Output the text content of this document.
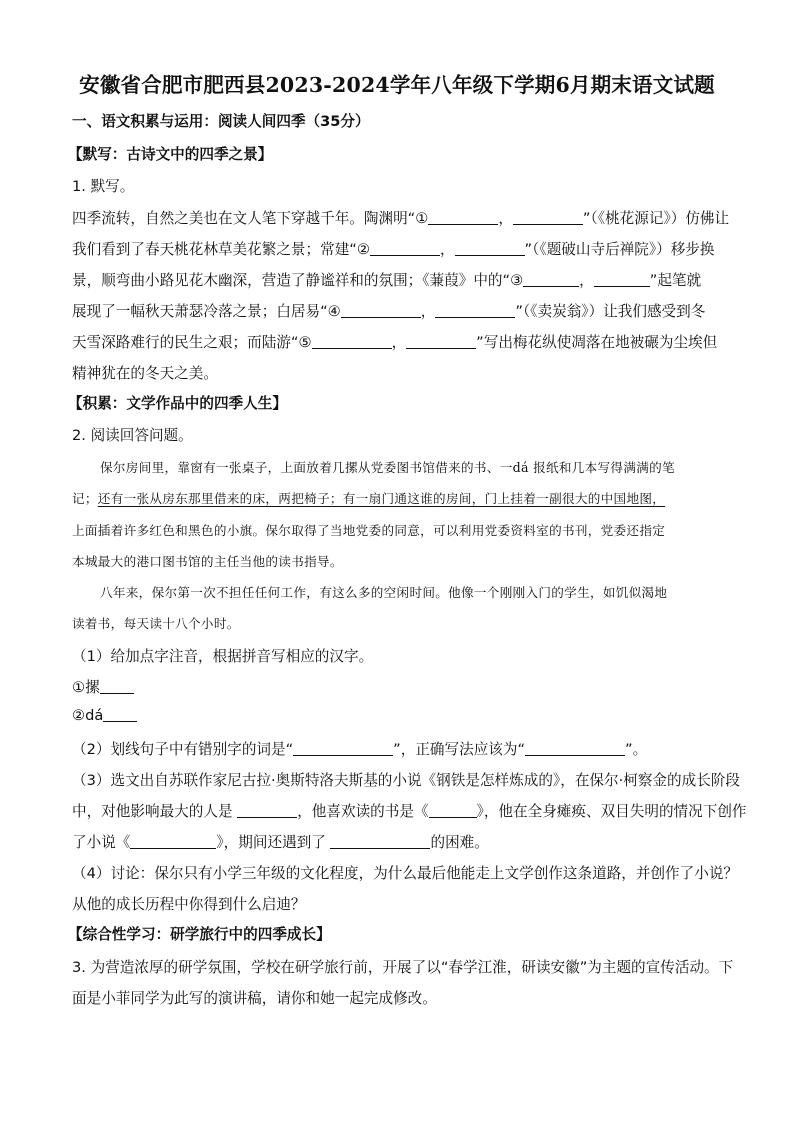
安徽省合肥市肥西县2023-2024学年八年级下学期6月期末语文试题
一、语文积累与运用：阅读人间四季（35分）
【默写：古诗文中的四季之景】
1. 默写。
四季流转，自然之美也在文人笔下穿越千年。陶渊明“①	，	”（《桃花源记》）仿佛让
我们看到了春天桃花林草美花繁之景；常建“②	，	”（《题破山寺后禅院》）移步换
景，顺弯曲小路见花木幽深，营造了静谧祥和的氛围；《蒹葭》中的“③	，	”起笔就
展现了一幅秋天萧瑟冷落之景；白居易“④	，	”（《卖炭翁》）让我们感受到冬
天雪深路难行的民生之艰；而陆游“⑤	，	”写出梅花纵使凋落在地被碾为尘埃但
精神犹在的冬天之美。
【积累：文学作品中的四季人生】
2. 阅读回答问题。
保尔房间里，靠窗有一张桌子，上面放着几摞从党委图书馆借来的书、一dá 报纸和几本写得满满的笔
记；还有一张从房东那里借来的床，两把椅子；有一扇门通这谁的房间，门上挂着一副很大的中国地图，
上面插着许多红色和黑色的小旗。保尔取得了当地党委的同意，可以利用党委资料室的书刊，党委还指定
本城最大的港口图书馆的主任当他的读书指导。
八年来，保尔第一次不担任任何工作，有这么多的空闲时间。他像一个刚刚入门的学生，如饥似渴地
读着书，每天读十八个小时。
（1）给加点字注音，根据拼音写相应的汉字。
①摞
②dá
（2）划线句子中有错别字的词是“	”，正确写法应该为“	”。
（3）选文出自苏联作家尼古拉·奥斯特洛夫斯基的小说《钢铁是怎样炼成的》，在保尔·柯察金的成长阶段
中，对他影响最大的人是	，他喜欢读的书是《	》，他在全身瘫痪、双目失明的情况下创作
了小说《	》，期间还遇到了	的困难。
（4）讨论：保尔只有小学三年级的文化程度，为什么最后他能走上文学创作这条道路，并创作了小说？
从他的成长历程中你得到什么启迪？
【综合性学习：研学旅行中的四季成长】
3. 为营造浓厚的研学氛围，学校在研学旅行前，开展了以“春学江淮，研读安徽”为主题的宣传活动。下
面是小菲同学为此写的演讲稿，请你和她一起完成修改。
